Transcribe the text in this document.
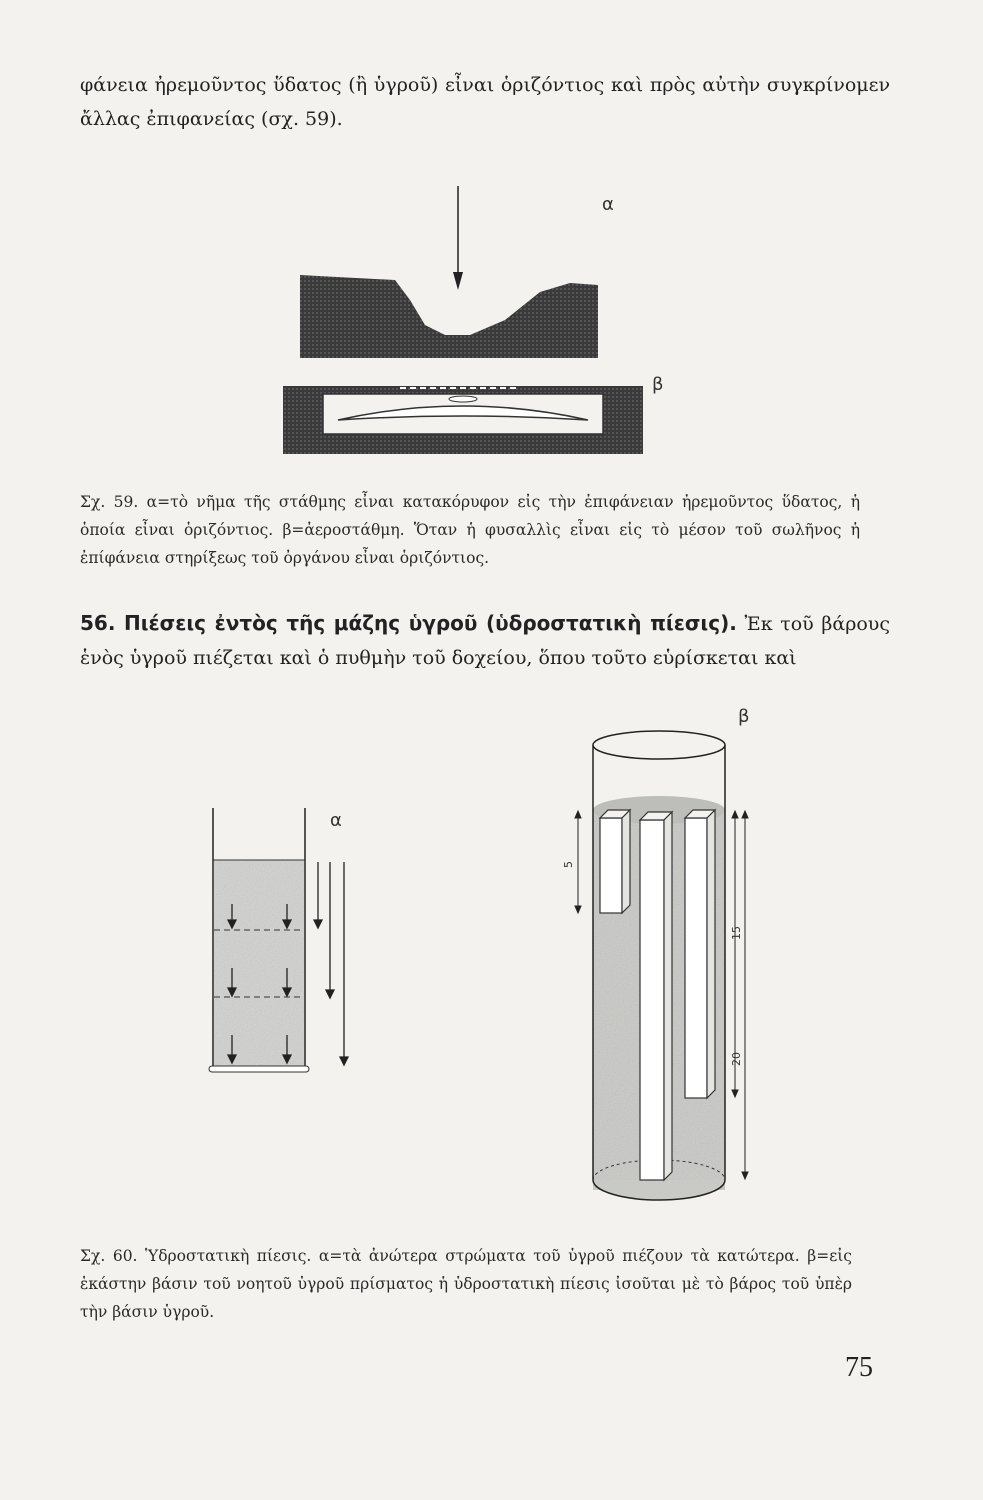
φάνεια ἠρεμοῦντος ὕδατος (ἢ ὑγροῦ) εἶναι ὁριζόντιος καὶ πρὸς αὐτὴν συγκρίνομεν ἄλλας ἐπιφανείας (σχ. 59).

α
β

Σχ. 59. α=τὸ νῆμα τῆς στάθμης εἶναι κατακόρυφον εἰς τὴν ἐπιφάνειαν ἠρεμοῦντος ὕδατος, ἡ ὁποία εἶναι ὁριζόντιος. β=ἀεροστάθμη. Ὅταν ἡ φυσαλλὶς εἶναι εἰς τὸ μέσον τοῦ σωλῆνος ἡ ἐπίφάνεια στηρίξεως τοῦ ὀργάνου εἶναι ὁριζόντιος.

56. Πιέσεις ἐντὸς τῆς μάζης ὑγροῦ (ὑδροστατικὴ πίεσις). Ἐκ τοῦ βάρους ἑνὸς ὑγροῦ πιέζεται καὶ ὁ πυθμὴν τοῦ δοχείου, ὅπου τοῦτο εὑρίσκεται καὶ

α
β
5
15
20

Σχ. 60. Ὑδροστατικὴ πίεσις. α=τὰ ἀνώτερα στρώματα τοῦ ὑγροῦ πιέζουν τὰ κατώτερα. β=εἰς ἑκάστην βάσιν τοῦ νοητοῦ ὑγροῦ πρίσματος ἡ ὑδροστατικὴ πίεσις ἰσοῦται μὲ τὸ βάρος τοῦ ὑπὲρ τὴν βάσιν ὑγροῦ.

75
